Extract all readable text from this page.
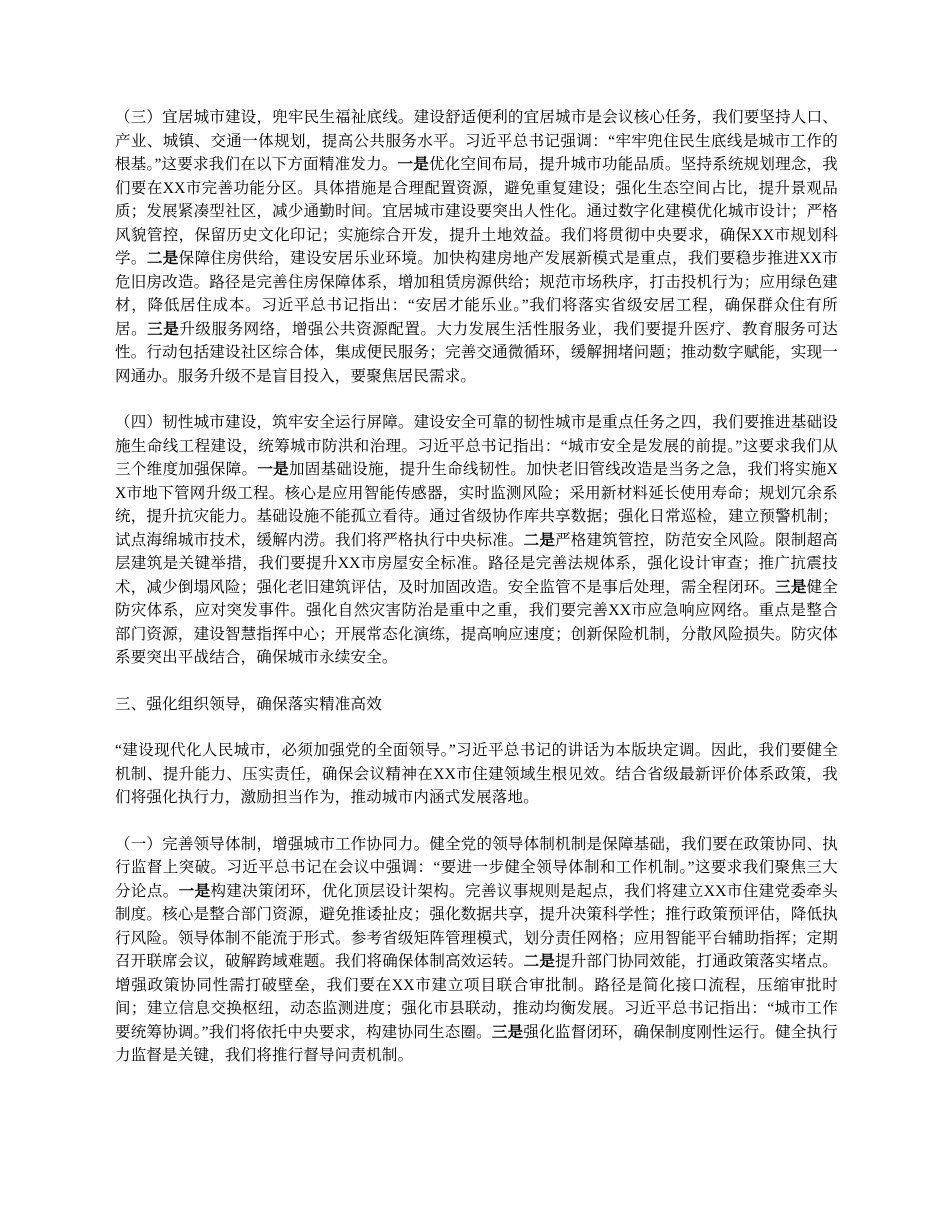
（三）宜居城市建设，兜牢民生福祉底线。建设舒适便利的宜居城市是会议核心任务，我们要坚持人口、产业、城镇、交通一体规划，提高公共服务水平。习近平总书记强调：“牢牢兜住民生底线是城市工作的根基。”这要求我们在以下方面精准发力。一是优化空间布局，提升城市功能品质。坚持系统规划理念，我们要在XX市完善功能分区。具体措施是合理配置资源，避免重复建设；强化生态空间占比，提升景观品质；发展紧凑型社区，减少通勤时间。宜居城市建设要突出人性化。通过数字化建模优化城市设计；严格风貌管控，保留历史文化印记；实施综合开发，提升土地效益。我们将贯彻中央要求，确保XX市规划科学。二是保障住房供给，建设安居乐业环境。加快构建房地产发展新模式是重点，我们要稳步推进XX市危旧房改造。路径是完善住房保障体系，增加租赁房源供给；规范市场秩序，打击投机行为；应用绿色建材，降低居住成本。习近平总书记指出：“安居才能乐业。”我们将落实省级安居工程，确保群众住有所居。三是升级服务网络，增强公共资源配置。大力发展生活性服务业，我们要提升医疗、教育服务可达性。行动包括建设社区综合体，集成便民服务；完善交通微循环，缓解拥堵问题；推动数字赋能，实现一网通办。服务升级不是盲目投入，要聚焦居民需求。

（四）韧性城市建设，筑牢安全运行屏障。建设安全可靠的韧性城市是重点任务之四，我们要推进基础设施生命线工程建设，统筹城市防洪和治理。习近平总书记指出：“城市安全是发展的前提。”这要求我们从三个维度加强保障。一是加固基础设施，提升生命线韧性。加快老旧管线改造是当务之急，我们将实施XX市地下管网升级工程。核心是应用智能传感器，实时监测风险；采用新材料延长使用寿命；规划冗余系统，提升抗灾能力。基础设施不能孤立看待。通过省级协作库共享数据；强化日常巡检，建立预警机制；试点海绵城市技术，缓解内涝。我们将严格执行中央标准。二是严格建筑管控，防范安全风险。限制超高层建筑是关键举措，我们要提升XX市房屋安全标准。路径是完善法规体系，强化设计审查；推广抗震技术，减少倒塌风险；强化老旧建筑评估，及时加固改造。安全监管不是事后处理，需全程闭环。三是健全防灾体系，应对突发事件。强化自然灾害防治是重中之重，我们要完善XX市应急响应网络。重点是整合部门资源，建设智慧指挥中心；开展常态化演练，提高响应速度；创新保险机制，分散风险损失。防灾体系要突出平战结合，确保城市永续安全。

三、强化组织领导，确保落实精准高效

“建设现代化人民城市，必须加强党的全面领导。”习近平总书记的讲话为本版块定调。因此，我们要健全机制、提升能力、压实责任，确保会议精神在XX市住建领域生根见效。结合省级最新评价体系政策，我们将强化执行力，激励担当作为，推动城市内涵式发展落地。

（一）完善领导体制，增强城市工作协同力。健全党的领导体制机制是保障基础，我们要在政策协同、执行监督上突破。习近平总书记在会议中强调：“要进一步健全领导体制和工作机制。”这要求我们聚焦三大分论点。一是构建决策闭环，优化顶层设计架构。完善议事规则是起点，我们将建立XX市住建党委牵头制度。核心是整合部门资源，避免推诿扯皮；强化数据共享，提升决策科学性；推行政策预评估，降低执行风险。领导体制不能流于形式。参考省级矩阵管理模式，划分责任网格；应用智能平台辅助指挥；定期召开联席会议，破解跨域难题。我们将确保体制高效运转。二是提升部门协同效能，打通政策落实堵点。增强政策协同性需打破壁垒，我们要在XX市建立项目联合审批制。路径是简化接口流程，压缩审批时间；建立信息交换枢纽，动态监测进度；强化市县联动，推动均衡发展。习近平总书记指出：“城市工作要统筹协调。”我们将依托中央要求，构建协同生态圈。三是强化监督闭环，确保制度刚性运行。健全执行力监督是关键，我们将推行督导问责机制。
